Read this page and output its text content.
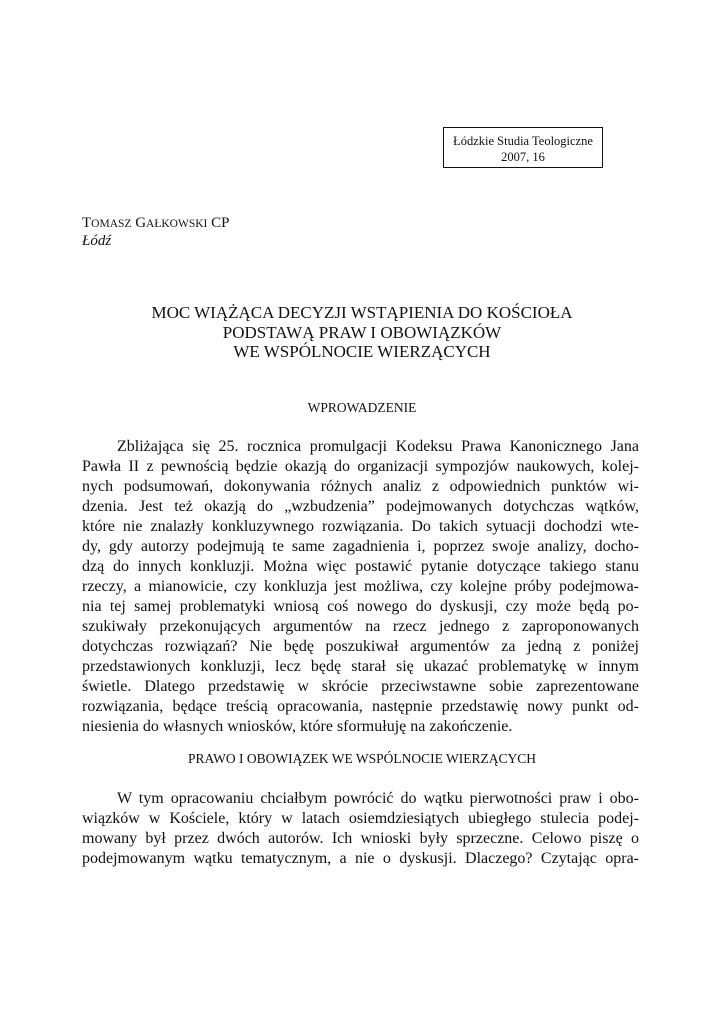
Łódzkie Studia Teologiczne
2007, 16
TOMASZ GAŁKOWSKI CP
Łódź
MOC WIĄŻĄCA DECYZJI WSTĄPIENIA DO KOŚCIOŁA
PODSTAWĄ PRAW I OBOWIĄZKÓW
WE WSPÓLNOCIE WIERZĄCYCH
WPROWADZENIE
Zbliżająca się 25. rocznica promulgacji Kodeksu Prawa Kanonicznego Jana
Pawła II z pewnością będzie okazją do organizacji sympozjów naukowych, kolej-
nych podsumowań, dokonywania różnych analiz z odpowiednich punktów wi-
dzenia. Jest też okazją do „wzbudzenia” podejmowanych dotychczas wątków,
które nie znalazły konkluzywnego rozwiązania. Do takich sytuacji dochodzi wte-
dy, gdy autorzy podejmują te same zagadnienia i, poprzez swoje analizy, docho-
dzą do innych konkluzji. Można więc postawić pytanie dotyczące takiego stanu
rzeczy, a mianowicie, czy konkluzja jest możliwa, czy kolejne próby podejmowa-
nia tej samej problematyki wniosą coś nowego do dyskusji, czy może będą po-
szukiwały przekonujących argumentów na rzecz jednego z zaproponowanych
dotychczas rozwiązań? Nie będę poszukiwał argumentów za jedną z poniżej
przedstawionych konkluzji, lecz będę starał się ukazać problematykę w innym
świetle. Dlatego przedstawię w skrócie przeciwstawne sobie zaprezentowane
rozwiązania, będące treścią opracowania, następnie przedstawię nowy punkt od-
niesienia do własnych wniosków, które sformułuję na zakończenie.
PRAWO I OBOWIĄZEK WE WSPÓLNOCIE WIERZĄCYCH
W tym opracowaniu chciałbym powrócić do wątku pierwotności praw i obo-
wiązków w Kościele, który w latach osiemdziesiątych ubiegłego stulecia podej-
mowany był przez dwóch autorów. Ich wnioski były sprzeczne. Celowo piszę o
podejmowanym wątku tematycznym, a nie o dyskusji. Dlaczego? Czytając opra-
